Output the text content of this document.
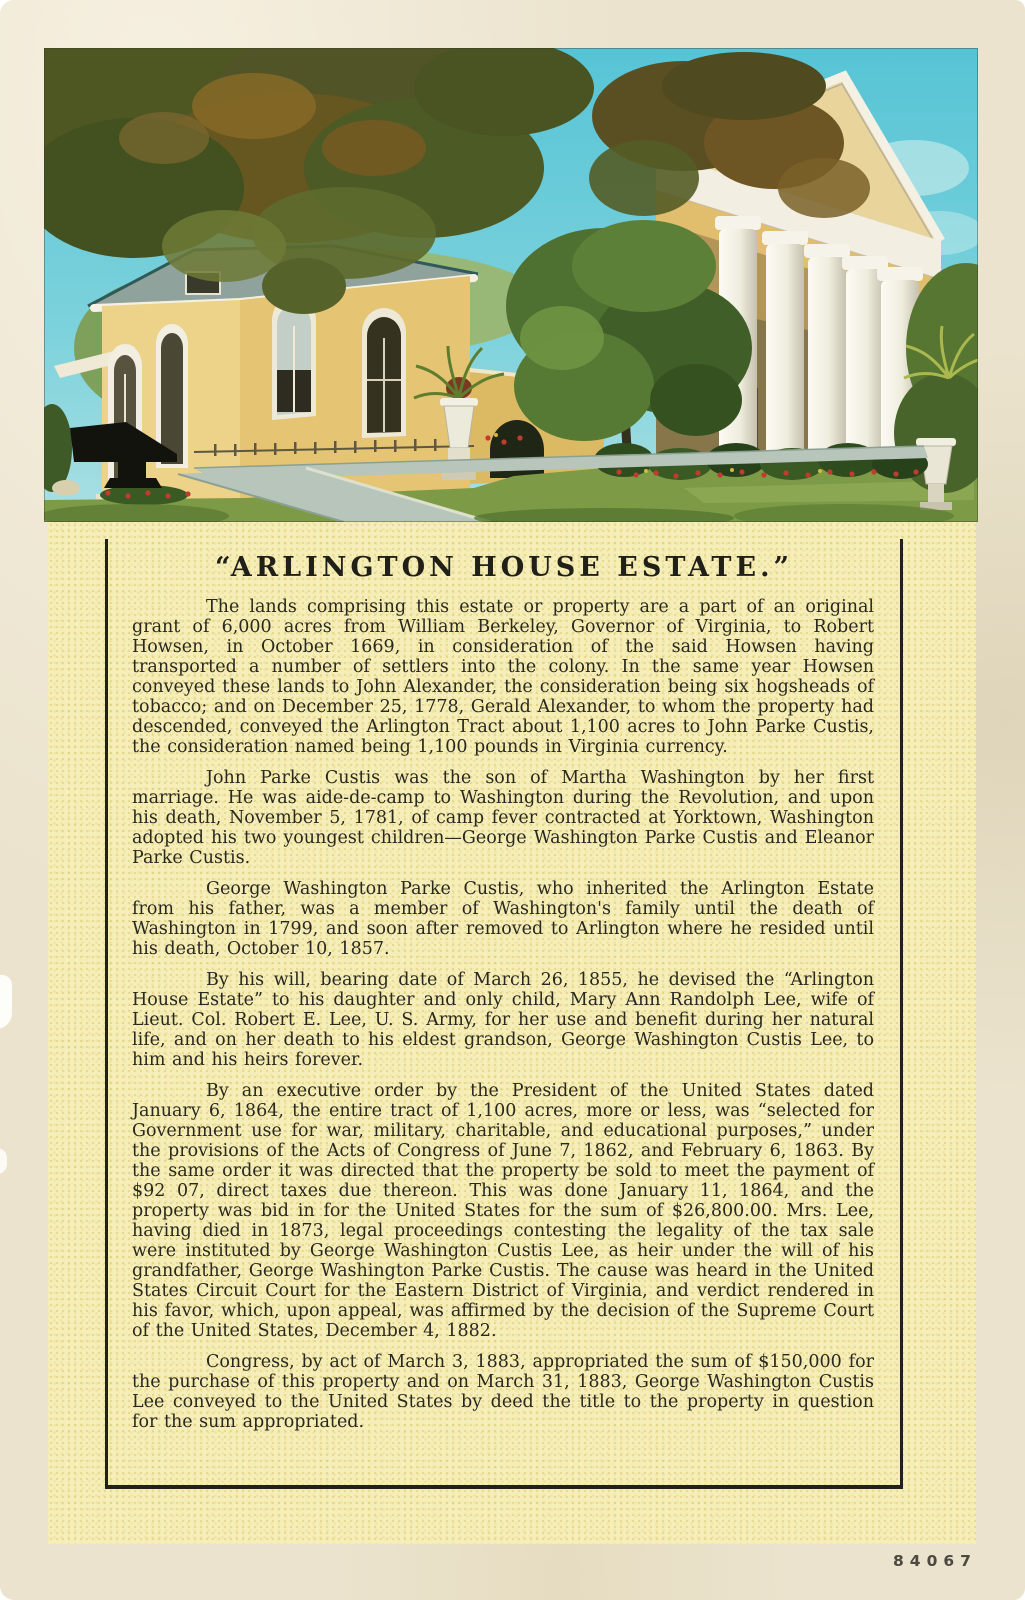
“ARLINGTON HOUSE ESTATE.”

The lands comprising this estate or property are a part of an original grant of 6,000 acres from William Berkeley, Governor of Virginia, to Robert Howsen, in October 1669, in consideration of the said Howsen having transported a number of settlers into the colony. In the same year Howsen conveyed these lands to John Alexander, the consideration being six hogsheads of tobacco; and on December 25, 1778, Gerald Alexander, to whom the property had descended, conveyed the Arlington Tract about 1,100 acres to John Parke Custis, the consideration named being 1,100 pounds in Virginia currency.

John Parke Custis was the son of Martha Washington by her first marriage. He was aide-de-camp to Washington during the Revolution, and upon his death, November 5, 1781, of camp fever contracted at Yorktown, Washington adopted his two youngest children—George Washington Parke Custis and Eleanor Parke Custis.

George Washington Parke Custis, who inherited the Arlington Estate from his father, was a member of Washington's family until the death of Washington in 1799, and soon after removed to Arlington where he resided until his death, October 10, 1857.

By his will, bearing date of March 26, 1855, he devised the “Arlington House Estate” to his daughter and only child, Mary Ann Randolph Lee, wife of Lieut. Col. Robert E. Lee, U. S. Army, for her use and benefit during her natural life, and on her death to his eldest grandson, George Washington Custis Lee, to him and his heirs forever.

By an executive order by the President of the United States dated January 6, 1864, the entire tract of 1,100 acres, more or less, was “selected for Government use for war, military, charitable, and educational purposes,” under the provisions of the Acts of Congress of June 7, 1862, and February 6, 1863. By the same order it was directed that the property be sold to meet the payment of $92 07, direct taxes due thereon. This was done January 11, 1864, and the property was bid in for the United States for the sum of $26,800.00. Mrs. Lee, having died in 1873, legal proceedings contesting the legality of the tax sale were instituted by George Washington Custis Lee, as heir under the will of his grandfather, George Washington Parke Custis. The cause was heard in the United States Circuit Court for the Eastern District of Virginia, and verdict rendered in his favor, which, upon appeal, was affirmed by the decision of the Supreme Court of the United States, December 4, 1882.

Congress, by act of March 3, 1883, appropriated the sum of $150,000 for the purchase of this property and on March 31, 1883, George Washington Custis Lee conveyed to the United States by deed the title to the property in question for the sum appropriated.

84067
